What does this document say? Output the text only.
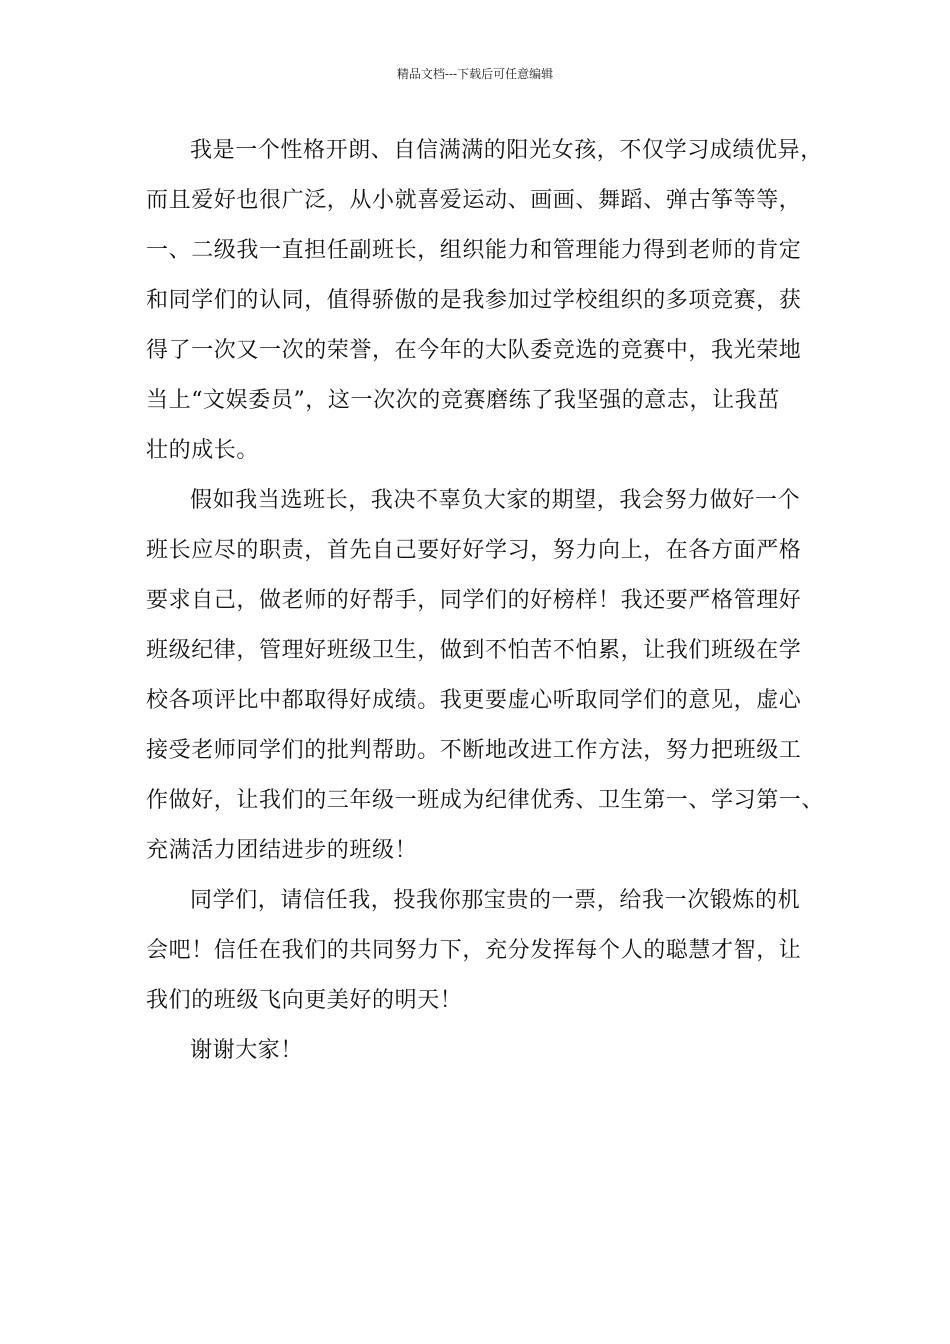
精品文档---下载后可任意编辑
我是一个性格开朗、自信满满的阳光女孩，不仅学习成绩优异，
而且爱好也很广泛，从小就喜爱运动、画画、舞蹈、弹古筝等等，
一、二级我一直担任副班长，组织能力和管理能力得到老师的肯定
和同学们的认同，值得骄傲的是我参加过学校组织的多项竞赛，获
得了一次又一次的荣誉，在今年的大队委竞选的竞赛中，我光荣地
当上“文娱委员”，这一次次的竞赛磨练了我坚强的意志，让我茁
壮的成长。
假如我当选班长，我决不辜负大家的期望，我会努力做好一个
班长应尽的职责，首先自己要好好学习，努力向上，在各方面严格
要求自己，做老师的好帮手，同学们的好榜样！我还要严格管理好
班级纪律，管理好班级卫生，做到不怕苦不怕累，让我们班级在学
校各项评比中都取得好成绩。我更要虚心听取同学们的意见，虚心
接受老师同学们的批判帮助。不断地改进工作方法，努力把班级工
作做好，让我们的三年级一班成为纪律优秀、卫生第一、学习第一、
充满活力团结进步的班级！
同学们，请信任我，投我你那宝贵的一票，给我一次锻炼的机
会吧！信任在我们的共同努力下，充分发挥每个人的聪慧才智，让
我们的班级飞向更美好的明天！
谢谢大家！
